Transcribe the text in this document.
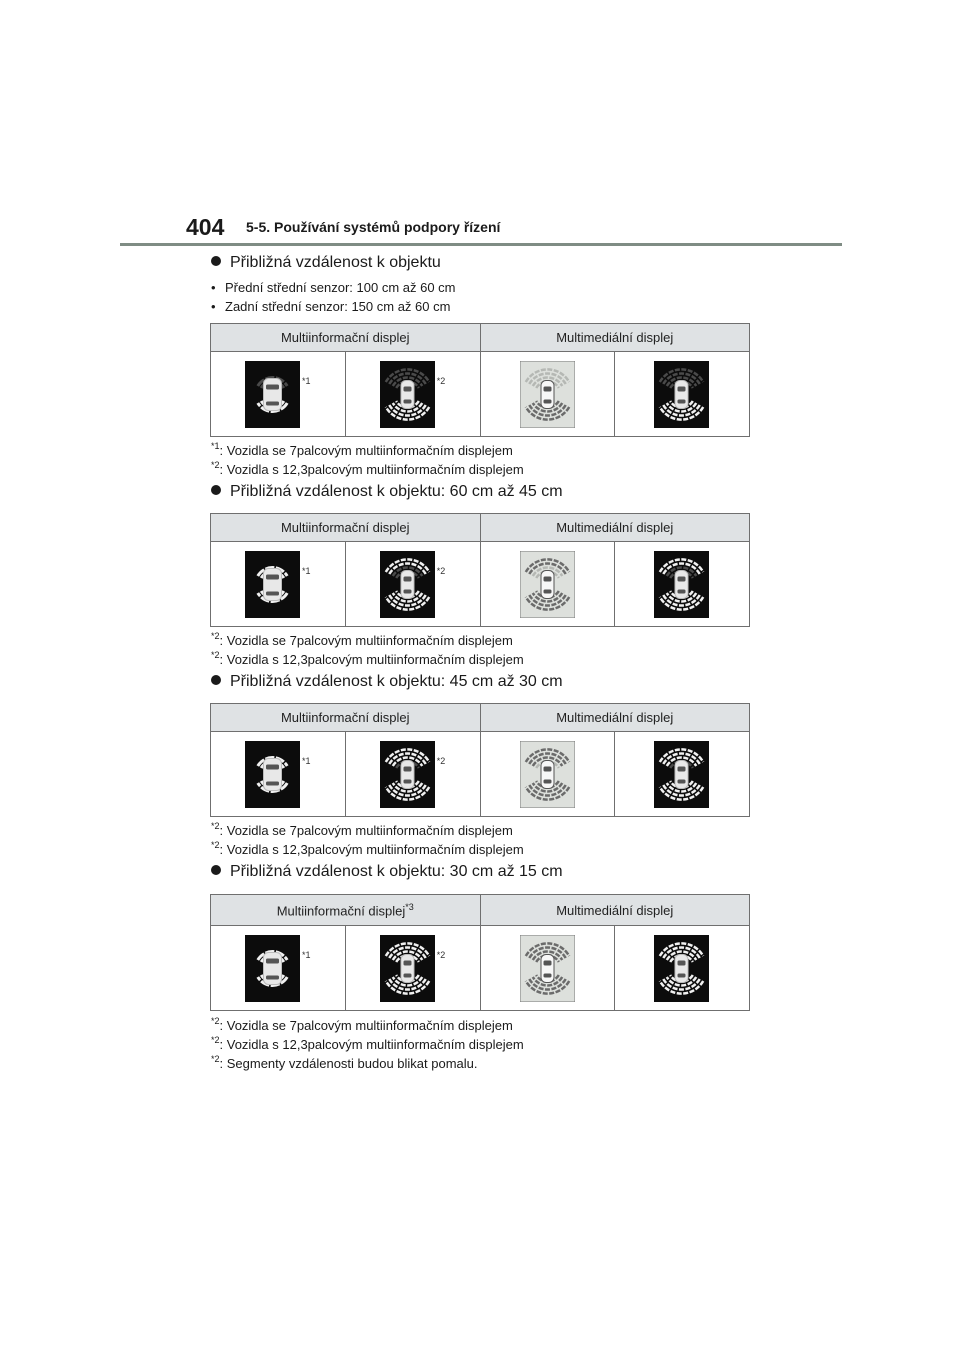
404 5-5. Používání systémů podpory řízení
Přibližná vzdálenost k objektu
• Přední střední senzor: 100 cm až 60 cm
• Zadní střední senzor: 150 cm až 60 cm
Multiinformační displej		Multimediální displej	

*1	*2

$^{*1}$: Vozidla se 7palcovým multiinformačním displejem
$^{*2}$: Vozidla s 12,3palcovým multiinformačním displejem
Přibližná vzdálenost k objektu: 60 cm až 45 cm
Multiinformační displej		Multimediální displej	

*1	*2

$^{*2}$: Vozidla se 7palcovým multiinformačním displejem
$^{*2}$: Vozidla s 12,3palcovým multiinformačním displejem
Přibližná vzdálenost k objektu: 45 cm až 30 cm
Multiinformační displej		Multimediální displej	

*1	*2

$^{*2}$: Vozidla se 7palcovým multiinformačním displejem
$^{*2}$: Vozidla s 12,3palcovým multiinformačním displejem
Přibližná vzdálenost k objektu: 30 cm až 15 cm
Multiinformační displej$^{*3}$		Multimediální displej	

*1	*2

$^{*2}$: Vozidla se 7palcovým multiinformačním displejem
$^{*2}$: Vozidla s 12,3palcovým multiinformačním displejem
$^{*2}$: Segmenty vzdálenosti budou blikat pomalu.
